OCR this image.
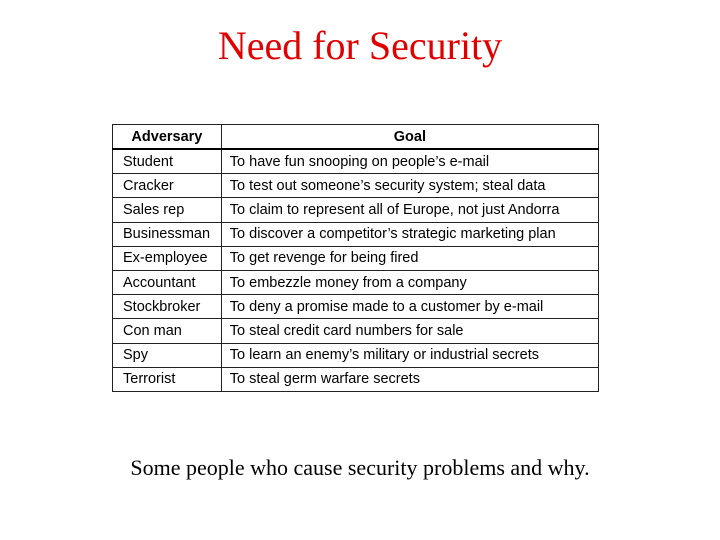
Need for Security
Adversary	Goal
Student	To have fun snooping on people’s e-mail
Cracker	To test out someone’s security system; steal data
Sales rep	To claim to represent all of Europe, not just Andorra
Businessman	To discover a competitor’s strategic marketing plan
Ex-employee	To get revenge for being fired
Accountant	To embezzle money from a company
Stockbroker	To deny a promise made to a customer by e-mail
Con man	To steal credit card numbers for sale
Spy	To learn an enemy’s military or industrial secrets
Terrorist	To steal germ warfare secrets
Some people who cause security problems and why.
